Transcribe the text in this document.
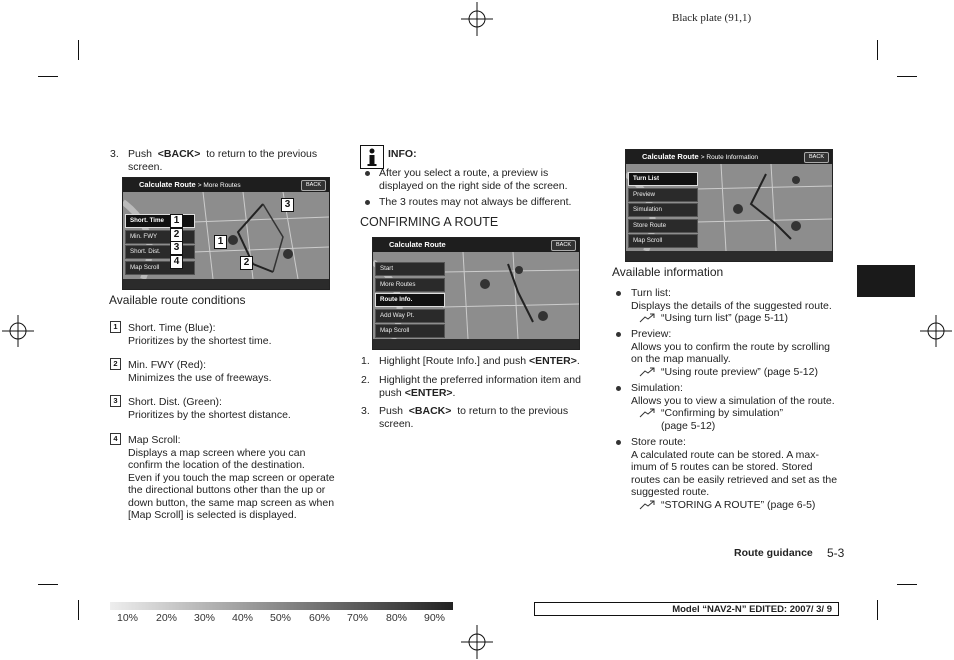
Black plate (91,1)
3. Push <BACK> to return to the previous
screen.
Calculate Route > More Routes	BACK
Short. Time
Min. FWY
Short. Dist.
Map Scroll
1
2
3
4
3
1
2
Available route conditions
1 Short. Time (Blue):
Prioritizes by the shortest time.
2 Min. FWY (Red):
Minimizes the use of freeways.
3 Short. Dist. (Green):
Prioritizes by the shortest distance.
4 Map Scroll:
Displays a map screen where you can
confirm the location of the destination.
Even if you touch the map screen or operate
the directional buttons other than the up or
down button, the same map screen as when
[Map Scroll] is selected is displayed.
INFO:
After you select a route, a preview is
displayed on the right side of the screen.
The 3 routes may not always be different.
CONFIRMING A ROUTE
Calculate Route	BACK
Start
More Routes
Route Info.
Add Way Pt.
Map Scroll
1. Highlight [Route Info.] and push <ENTER>.
2. Highlight the preferred information item and
push <ENTER>.
3. Push <BACK> to return to the previous
screen.
Calculate Route > Route Information	BACK
Turn List
Preview
Simulation
Store Route
Map Scroll
Available information
Turn list:
Displays the details of the suggested route.
“Using turn list” (page 5-11)
Preview:
Allows you to confirm the route by scrolling
on the map manually.
“Using route preview” (page 5-12)
Simulation:
Allows you to view a simulation of the route.
“Confirming by simulation”
(page 5-12)
Store route:
A calculated route can be stored. A max-
imum of 5 routes can be stored. Stored
routes can be easily retrieved and set as the
suggested route.
“STORING A ROUTE” (page 6-5)
Route guidance 5-3
10% 20% 30% 40% 50% 60% 70% 80% 90%
Model “NAV2-N” EDITED: 2007/ 3/ 9
